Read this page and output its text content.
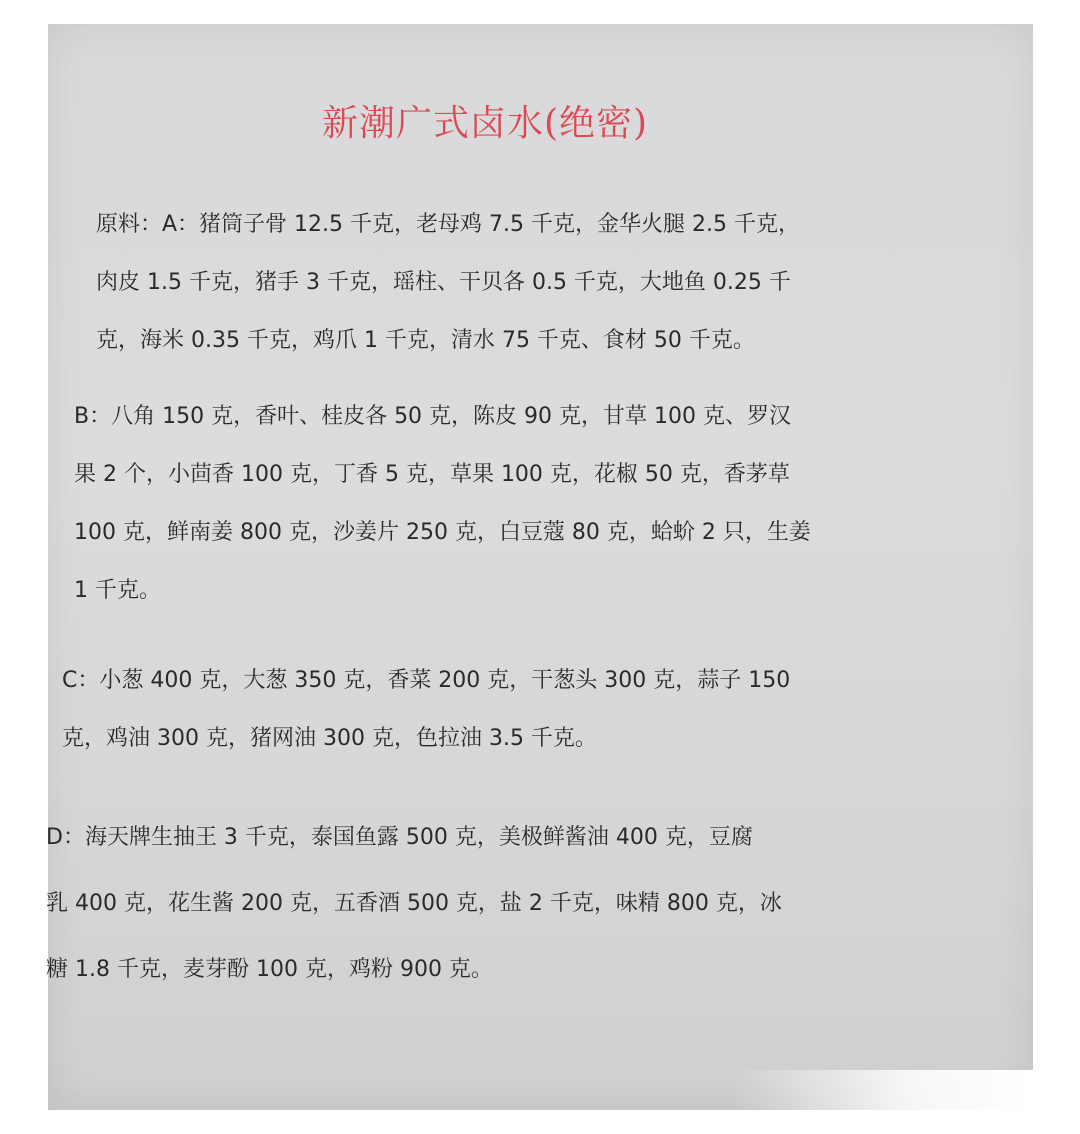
新潮广式卤水(绝密)
原料：A：猪筒子骨 12.5 千克，老母鸡 7.5 千克，金华火腿 2.5 千克，
肉皮 1.5 千克，猪手 3 千克，瑶柱、干贝各 0.5 千克，大地鱼 0.25 千
克，海米 0.35 千克，鸡爪 1 千克，清水 75 千克、食材 50 千克。
B：八角 150 克，香叶、桂皮各 50 克，陈皮 90 克，甘草 100 克、罗汉
果 2 个，小茴香 100 克，丁香 5 克，草果 100 克，花椒 50 克，香茅草
100 克，鲜南姜 800 克，沙姜片 250 克，白豆蔻 80 克，蛤蚧 2 只，生姜
1 千克。
C：小葱 400 克，大葱 350 克，香菜 200 克，干葱头 300 克，蒜子 150
克，鸡油 300 克，猪网油 300 克，色拉油 3.5 千克。
D：海天牌生抽王 3 千克，泰国鱼露 500 克，美极鲜酱油 400 克，豆腐
乳 400 克，花生酱 200 克，五香酒 500 克，盐 2 千克，味精 800 克，冰
糖 1.8 千克，麦芽酚 100 克，鸡粉 900 克。
